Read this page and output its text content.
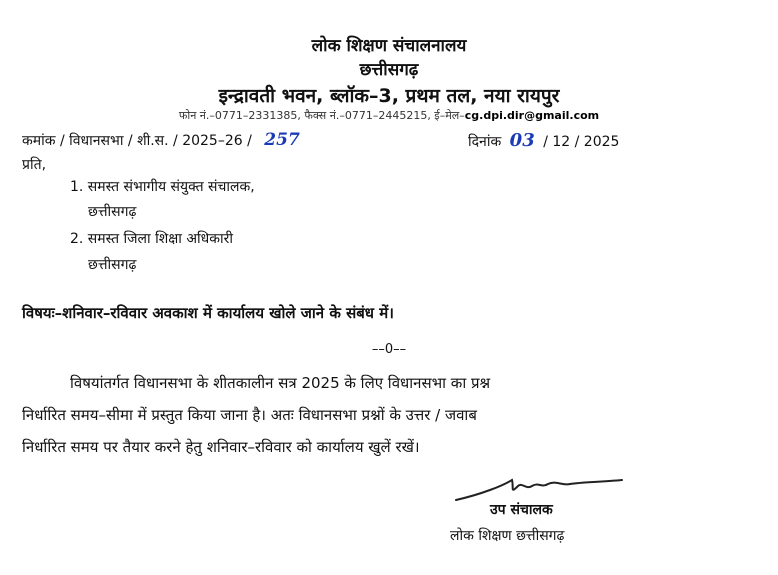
लोक शिक्षण संचालनालय
छत्तीसगढ़
इन्द्रावती भवन, ब्लॉक–3, प्रथम तल, नया रायपुर
फोन नं.–0771–2331385, फैक्स नं.–0771–2445215, ई–मेल–cg.dpi.dir@gmail.com
कमांक / विधानसभा / शी.स. / 2025–26 / 257	दिनांक 03 / 12 / 2025
प्रति,
1. समस्त संभागीय संयुक्त संचालक,
छत्तीसगढ़
2. समस्त जिला शिक्षा अधिकारी
छत्तीसगढ़
विषयः–शनिवार–रविवार अवकाश में कार्यालय खोले जाने के संबंध में।
––0––
विषयांतर्गत विधानसभा के शीतकालीन सत्र 2025 के लिए विधानसभा का प्रश्न
निर्धारित समय–सीमा में प्रस्तुत किया जाना है। अतः विधानसभा प्रश्नों के उत्तर / जवाब
निर्धारित समय पर तैयार करने हेतु शनिवार–रविवार को कार्यालय खुलें रखें।
उप संचालक
लोक शिक्षण छत्तीसगढ़
